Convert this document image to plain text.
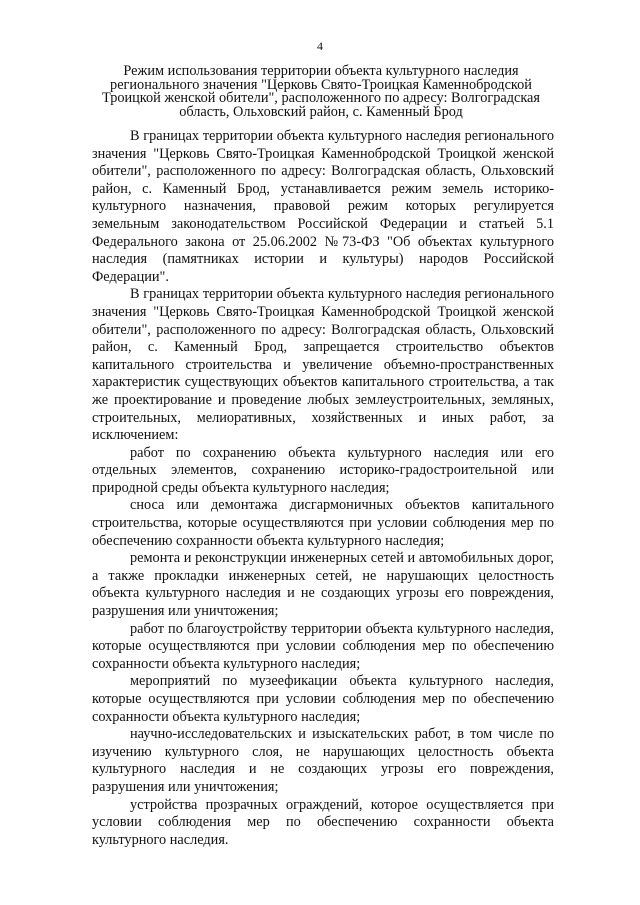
4
Режим использования территории объекта культурного наследия регионального значения "Церковь Свято-Троицкая Каменнобродской Троицкой женской обители", расположенного по адресу: Волгоградская область, Ольховский район, с. Каменный Брод

В границах территории объекта культурного наследия регионального значения "Церковь Свято-Троицкая Каменнобродской Троицкой женской обители", расположенного по адресу: Волгоградская область, Ольховский район, с. Каменный Брод, устанавливается режим земель историко-культурного назначения, правовой режим которых регулируется земельным законодательством Российской Федерации и статьей 5.1 Федерального закона от 25.06.2002 №73-ФЗ "Об объектах культурного наследия (памятниках истории и культуры) народов Российской Федерации".

В границах территории объекта культурного наследия регионального значения "Церковь Свято-Троицкая Каменнобродской Троицкой женской обители", расположенного по адресу: Волгоградская область, Ольховский район, с. Каменный Брод, запрещается строительство объектов капитального строительства и увеличение объемно-пространственных характеристик существующих объектов капитального строительства, а так же проектирование и проведение любых землеустроительных, земляных, строительных, мелиоративных, хозяйственных и иных работ, за исключением:

работ по сохранению объекта культурного наследия или его отдельных элементов, сохранению историко-градостроительной или природной среды объекта культурного наследия;

сноса или демонтажа дисгармоничных объектов капитального строительства, которые осуществляются при условии соблюдения мер по обеспечению сохранности объекта культурного наследия;

ремонта и реконструкции инженерных сетей и автомобильных дорог, а также прокладки инженерных сетей, не нарушающих целостность объекта культурного наследия и не создающих угрозы его повреждения, разрушения или уничтожения;

работ по благоустройству территории объекта культурного наследия, которые осуществляются при условии соблюдения мер по обеспечению сохранности объекта культурного наследия;

мероприятий по музеефикации объекта культурного наследия, которые осуществляются при условии соблюдения мер по обеспечению сохранности объекта культурного наследия;

научно-исследовательских и изыскательских работ, в том числе по изучению культурного слоя, не нарушающих целостность объекта культурного наследия и не создающих угрозы его повреждения, разрушения или уничтожения;

устройства прозрачных ограждений, которое осуществляется при условии соблюдения мер по обеспечению сохранности объекта культурного наследия.
